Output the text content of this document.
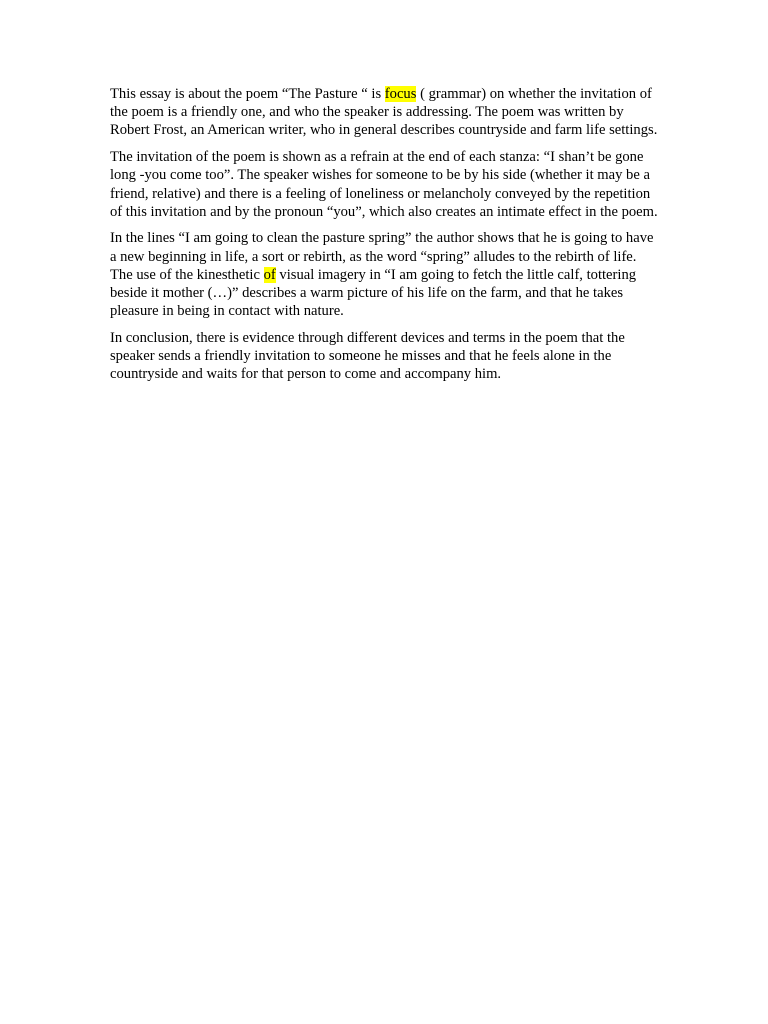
This essay is about the poem “The Pasture “ is focus ( grammar) on whether the invitation of the poem is a friendly one, and who the speaker is addressing. The poem was written by Robert Frost, an American writer, who in general describes countryside and farm life settings.

The invitation of the poem is shown as a refrain at the end of each stanza: “I shan’t be gone long -you come too”. The speaker wishes for someone to be by his side (whether it may be a friend, relative) and there is a feeling of loneliness or melancholy conveyed by the repetition of this invitation and by the pronoun “you”, which also creates an intimate effect in the poem.

In the lines “I am going to clean the pasture spring” the author shows that he is going to have a new beginning in life, a sort or rebirth, as the word “spring” alludes to the rebirth of life. The use of the kinesthetic of visual imagery in “I am going to fetch the little calf, tottering beside it mother (…)” describes a warm picture of his life on the farm, and that he takes pleasure in being in contact with nature.

In conclusion, there is evidence through different devices and terms in the poem that the speaker sends a friendly invitation to someone he misses and that he feels alone in the countryside and waits for that person to come and accompany him.
